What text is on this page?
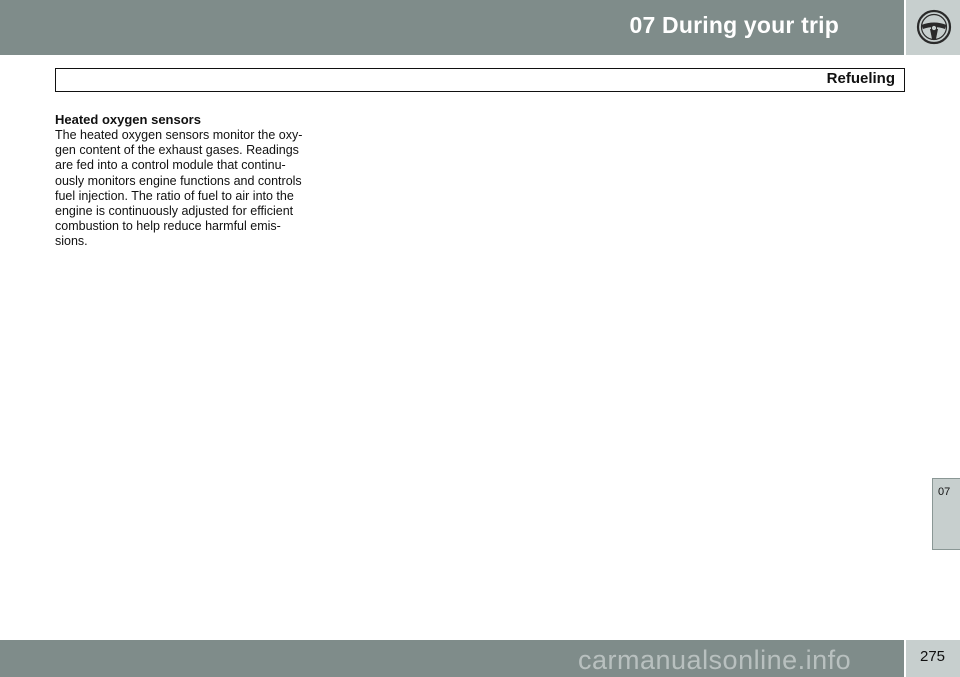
07 During your trip
Refueling
Heated oxygen sensors
The heated oxygen sensors monitor the oxy-
gen content of the exhaust gases. Readings
are fed into a control module that continu-
ously monitors engine functions and controls
fuel injection. The ratio of fuel to air into the
engine is continuously adjusted for efficient
combustion to help reduce harmful emis-
sions.
07
carmanualsonline.info	275
